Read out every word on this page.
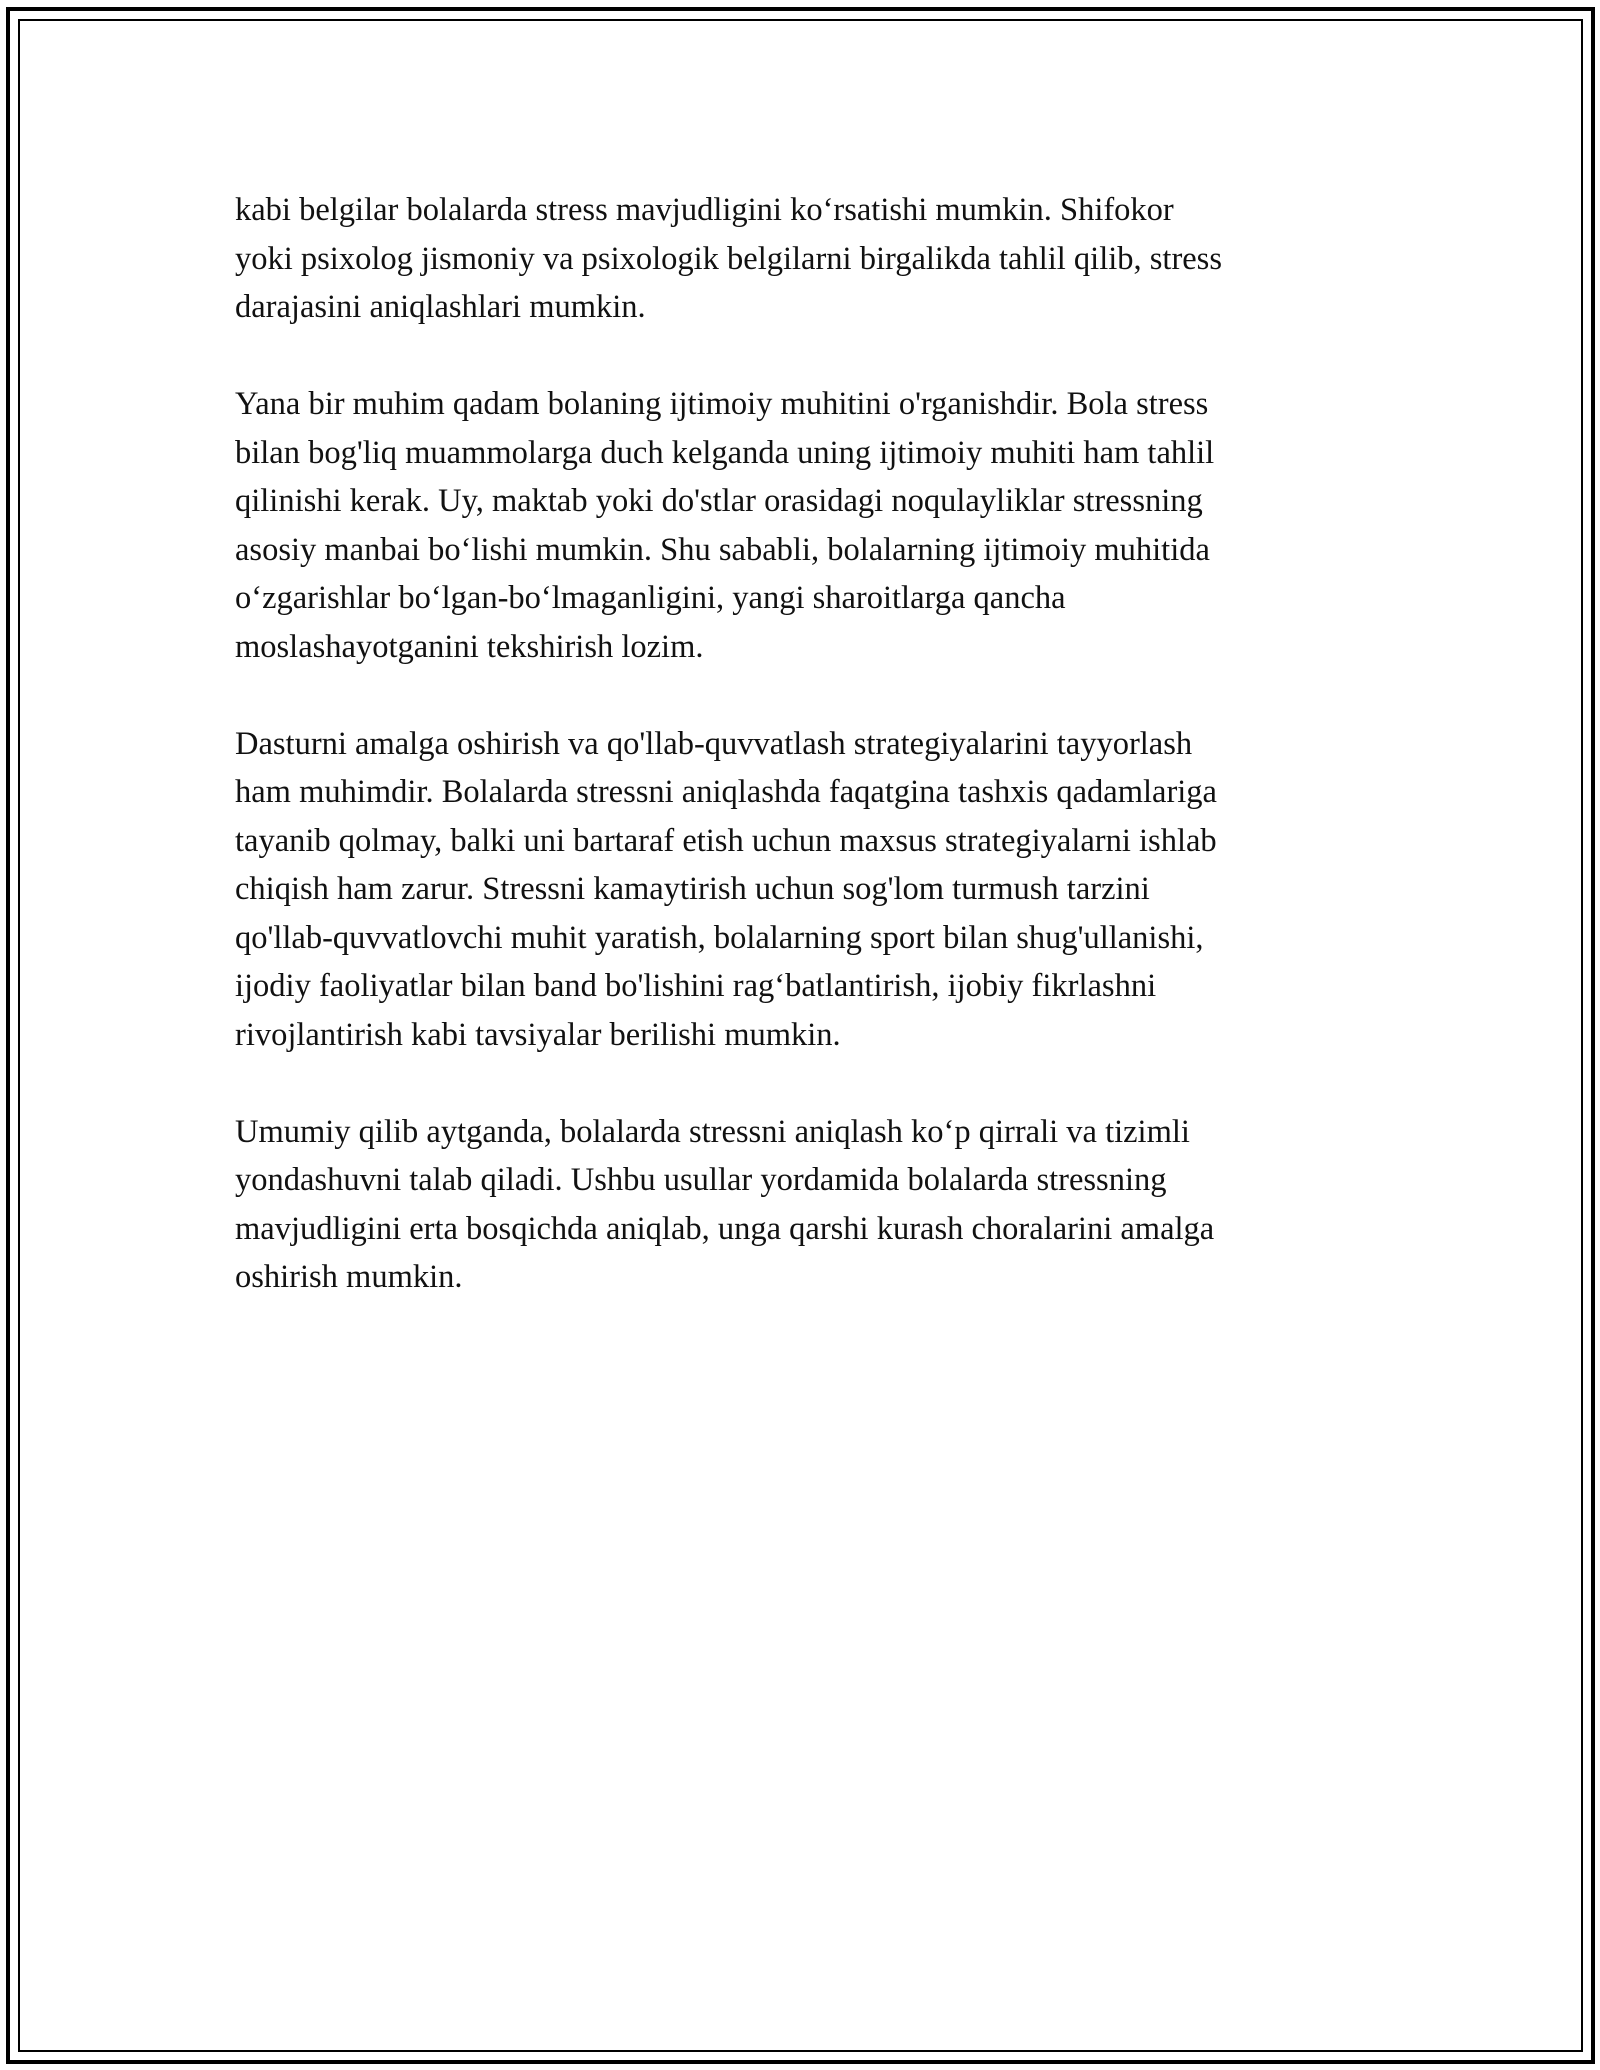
kabi belgilar bolalarda stress mavjudligini ko‘rsatishi mumkin. Shifokor
yoki psixolog jismoniy va psixologik belgilarni birgalikda tahlil qilib, stress
darajasini aniqlashlari mumkin.

Yana bir muhim qadam bolaning ijtimoiy muhitini o'rganishdir. Bola stress
bilan bog'liq muammolarga duch kelganda uning ijtimoiy muhiti ham tahlil
qilinishi kerak. Uy, maktab yoki do'stlar orasidagi noqulayliklar stressning
asosiy manbai bo‘lishi mumkin. Shu sababli, bolalarning ijtimoiy muhitida
o‘zgarishlar bo‘lgan-bo‘lmaganligini, yangi sharoitlarga qancha
moslashayotganini tekshirish lozim.

Dasturni amalga oshirish va qo'llab-quvvatlash strategiyalarini tayyorlash
ham muhimdir. Bolalarda stressni aniqlashda faqatgina tashxis qadamlariga
tayanib qolmay, balki uni bartaraf etish uchun maxsus strategiyalarni ishlab
chiqish ham zarur. Stressni kamaytirish uchun sog'lom turmush tarzini
qo'llab-quvvatlovchi muhit yaratish, bolalarning sport bilan shug'ullanishi,
ijodiy faoliyatlar bilan band bo'lishini rag‘batlantirish, ijobiy fikrlashni
rivojlantirish kabi tavsiyalar berilishi mumkin.

Umumiy qilib aytganda, bolalarda stressni aniqlash ko‘p qirrali va tizimli
yondashuvni talab qiladi. Ushbu usullar yordamida bolalarda stressning
mavjudligini erta bosqichda aniqlab, unga qarshi kurash choralarini amalga
oshirish mumkin.
